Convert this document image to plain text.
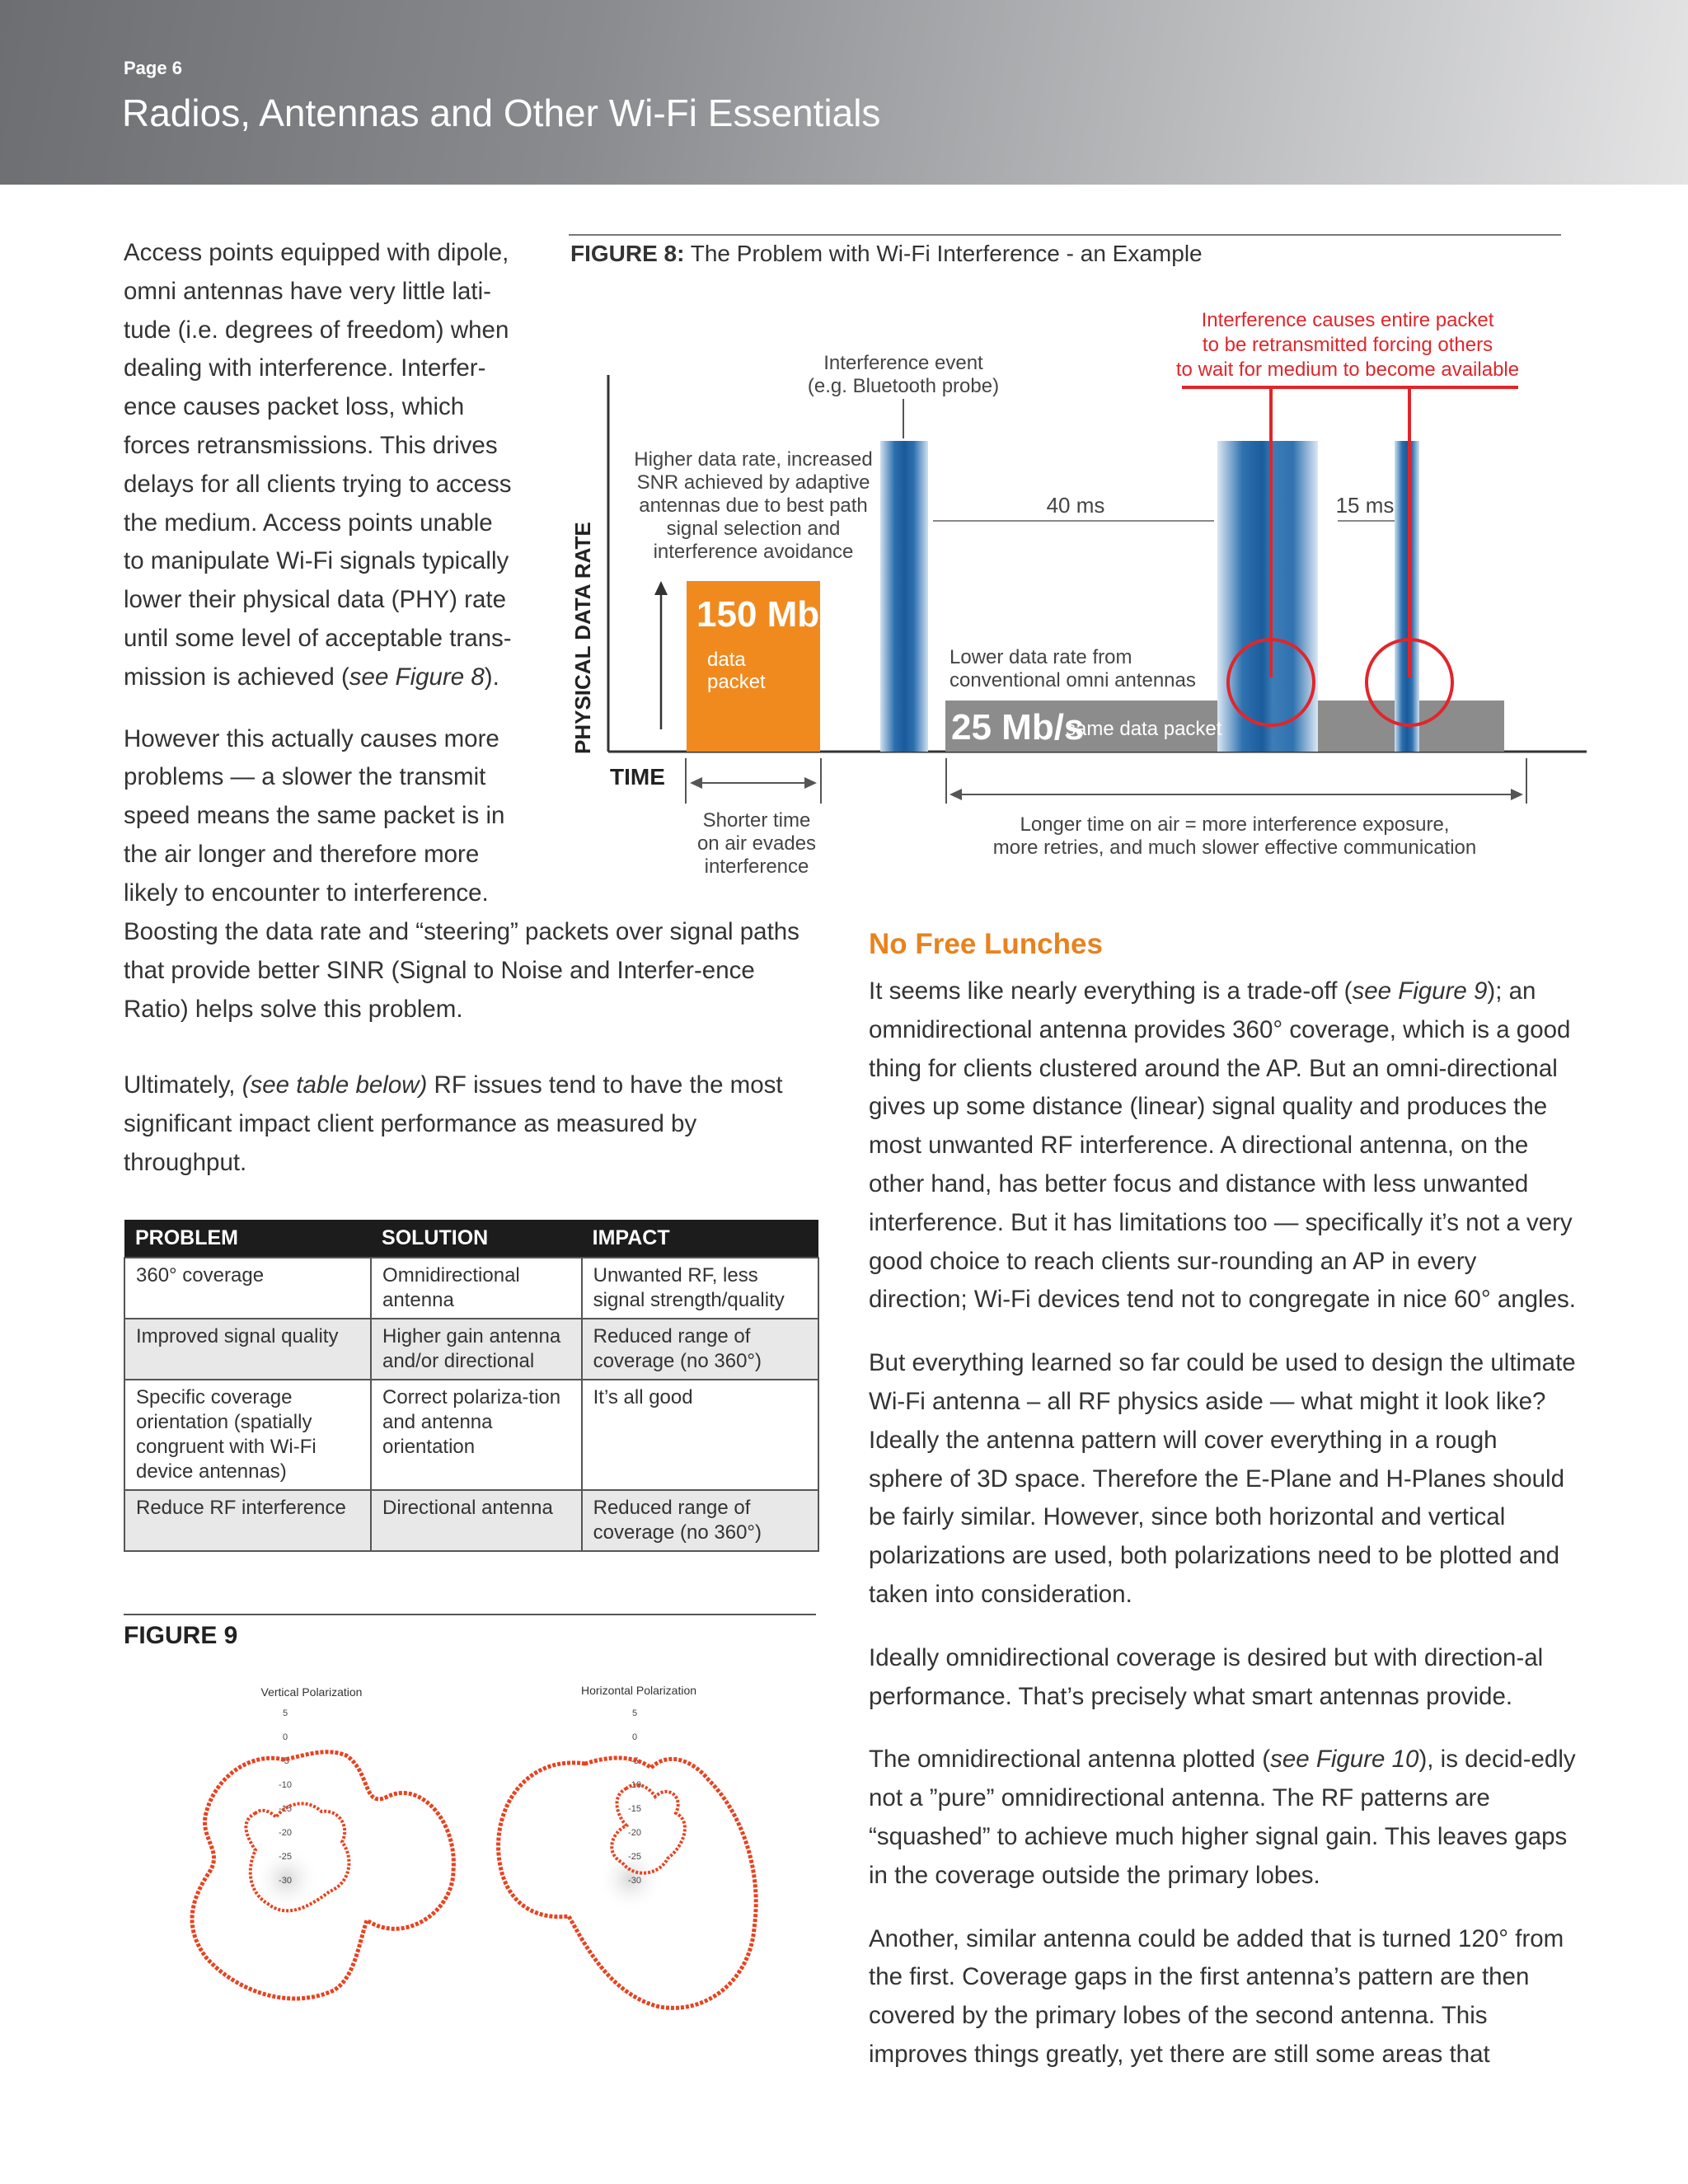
Page 6
Radios, Antennas and Other Wi-Fi Essentials
Access points equipped with dipole,
omni antennas have very little lati-
tude (i.e. degrees of freedom) when
dealing with interference. Interfer-
ence causes packet loss, which
forces retransmissions. This drives
delays for all clients trying to access
the medium. Access points unable
to manipulate Wi-Fi signals typically
lower their physical data (PHY) rate
until some level of acceptable trans-
mission is achieved (see Figure 8).
However this actually causes more
problems — a slower the transmit
speed means the same packet is in
the air longer and therefore more
likely to encounter to interference.

Boosting the data rate and “steering” packets over signal paths that provide better SINR (Signal to Noise and Interfer-ence Ratio) helps solve this problem.

Ultimately, (see table below) RF issues tend to have the most significant impact client performance as measured by throughput.

FIGURE 8: The Problem with Wi-Fi Interference - an Example
PHYSICAL DATA RATE
TIME
Higher data rate, increased
SNR achieved by adaptive
antennas due to best path
signal selection and
interference avoidance
150 Mb/s
data
packet
Interference event
(e.g. Bluetooth probe)
40 ms	15 ms
Interference causes entire packet
to be retransmitted forcing others
to wait for medium to become available
Lower data rate from
conventional omni antennas
25 Mb/s
same data packet
Shorter time
on air evades
interference
Longer time on air = more interference exposure,
more retries, and much slower effective communication
PROBLEM	SOLUTION	IMPACT
360° coverage	Omnidirectional antenna	Unwanted RF, less signal strength/quality
Improved signal quality	Higher gain antenna and/or directional	Reduced range of coverage (no 360°)
Specific coverage orientation (spatially congruent with Wi-Fi device antennas)	Correct polariza-tion and antenna orientation	It’s all good
Reduce RF interference	Directional antenna	Reduced range of coverage (no 360°)
FIGURE 9
Vertical Polarization
5
0
-5
-10
-15
-20
-25
-30
Horizontal Polarization
5
0
-5
-10
-15
-20
-25
-30
No Free Lunches

It seems like nearly everything is a trade-off (see Figure 9); an omnidirectional antenna provides 360° coverage, which is a good thing for clients clustered around the AP. But an omni-directional gives up some distance (linear) signal quality and produces the most unwanted RF interference. A directional antenna, on the other hand, has better focus and distance with less unwanted interference. But it has limitations too — specifically it’s not a very good choice to reach clients sur-rounding an AP in every direction; Wi-Fi devices tend not to congregate in nice 60° angles.

But everything learned so far could be used to design the ultimate Wi-Fi antenna – all RF physics aside — what might it look like? Ideally the antenna pattern will cover everything in a rough sphere of 3D space. Therefore the E-Plane and H-Planes should be fairly similar. However, since both horizontal and vertical polarizations are used, both polarizations need to be plotted and taken into consideration.

Ideally omnidirectional coverage is desired but with direction-al performance. That’s precisely what smart antennas provide.

The omnidirectional antenna plotted (see Figure 10), is decid-edly not a ”pure” omnidirectional antenna. The RF patterns are “squashed” to achieve much higher signal gain. This leaves gaps in the coverage outside the primary lobes.

Another, similar antenna could be added that is turned 120° from the first. Coverage gaps in the first antenna’s pattern are then covered by the primary lobes of the second antenna. This improves things greatly, yet there are still some areas that
